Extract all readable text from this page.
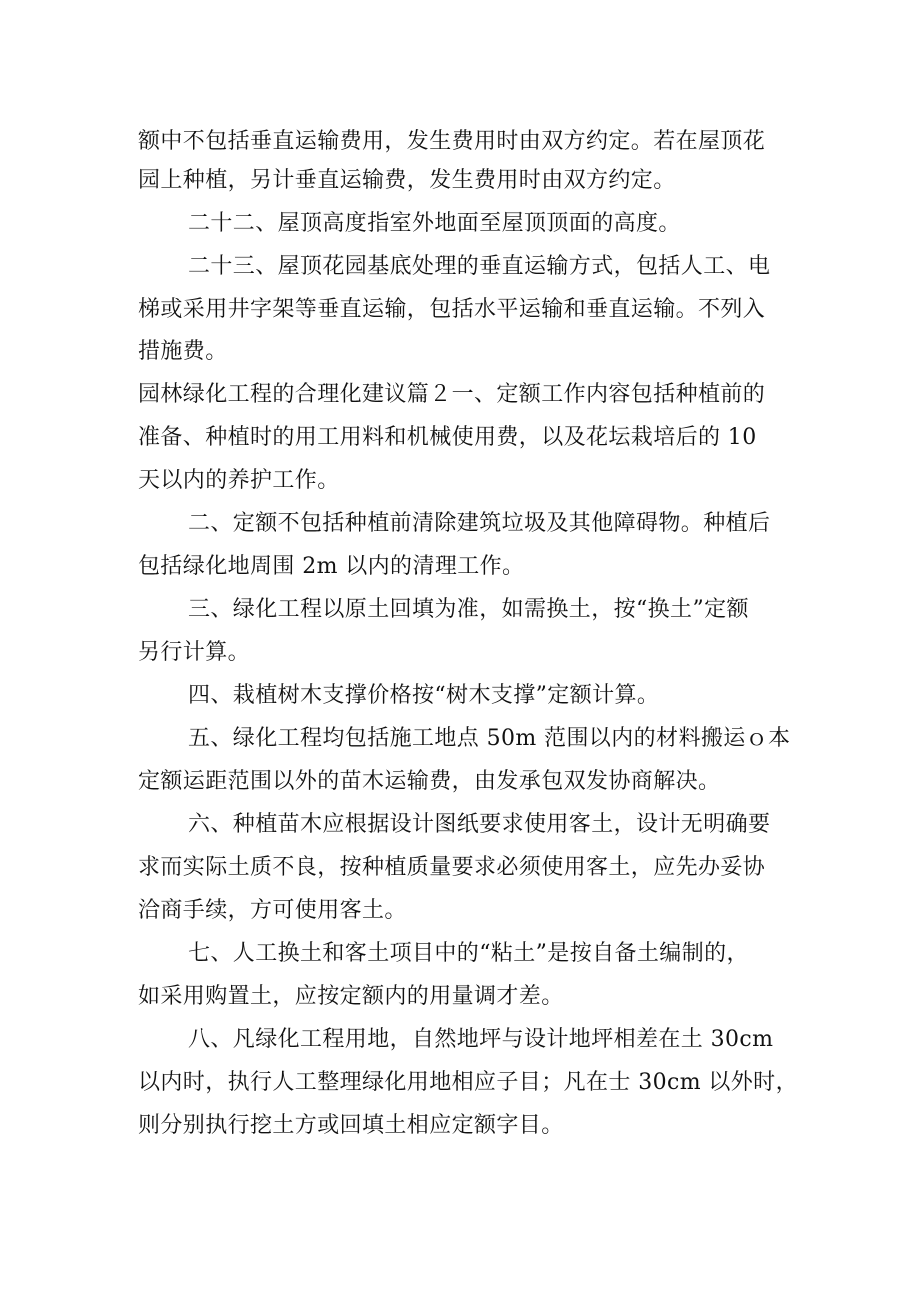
额中不包括垂直运输费用，发生费用时由双方约定。若在屋顶花
园上种植，另计垂直运输费，发生费用时由双方约定。
二十二、屋顶高度指室外地面至屋顶顶面的高度。
二十三、屋顶花园基底处理的垂直运输方式，包括人工、电
梯或采用井字架等垂直运输，包括水平运输和垂直运输。不列入
措施费。
园林绿化工程的合理化建议篇２一、定额工作内容包括种植前的
准备、种植时的用工用料和机械使用费，以及花坛栽培后的 10
天以内的养护工作。
二、定额不包括种植前清除建筑垃圾及其他障碍物。种植后
包括绿化地周围 2m 以内的清理工作。
三、绿化工程以原土回填为准，如需换土，按“换土”定额
另行计算。
四、栽植树木支撑价格按“树木支撑”定额计算。
五、绿化工程均包括施工地点 50m 范围以内的材料搬运ｏ本
定额运距范围以外的苗木运输费，由发承包双发协商解决。
六、种植苗木应根据设计图纸要求使用客土，设计无明确要
求而实际土质不良，按种植质量要求必须使用客土，应先办妥协
洽商手续，方可使用客土。
七、人工换土和客土项目中的“粘土”是按自备土编制的，
如采用购置土，应按定额内的用量调才差。
八、凡绿化工程用地，自然地坪与设计地坪相差在土 30cm
以内时，执行人工整理绿化用地相应子目；凡在士 30cm 以外时，
则分别执行挖土方或回填土相应定额字目。
